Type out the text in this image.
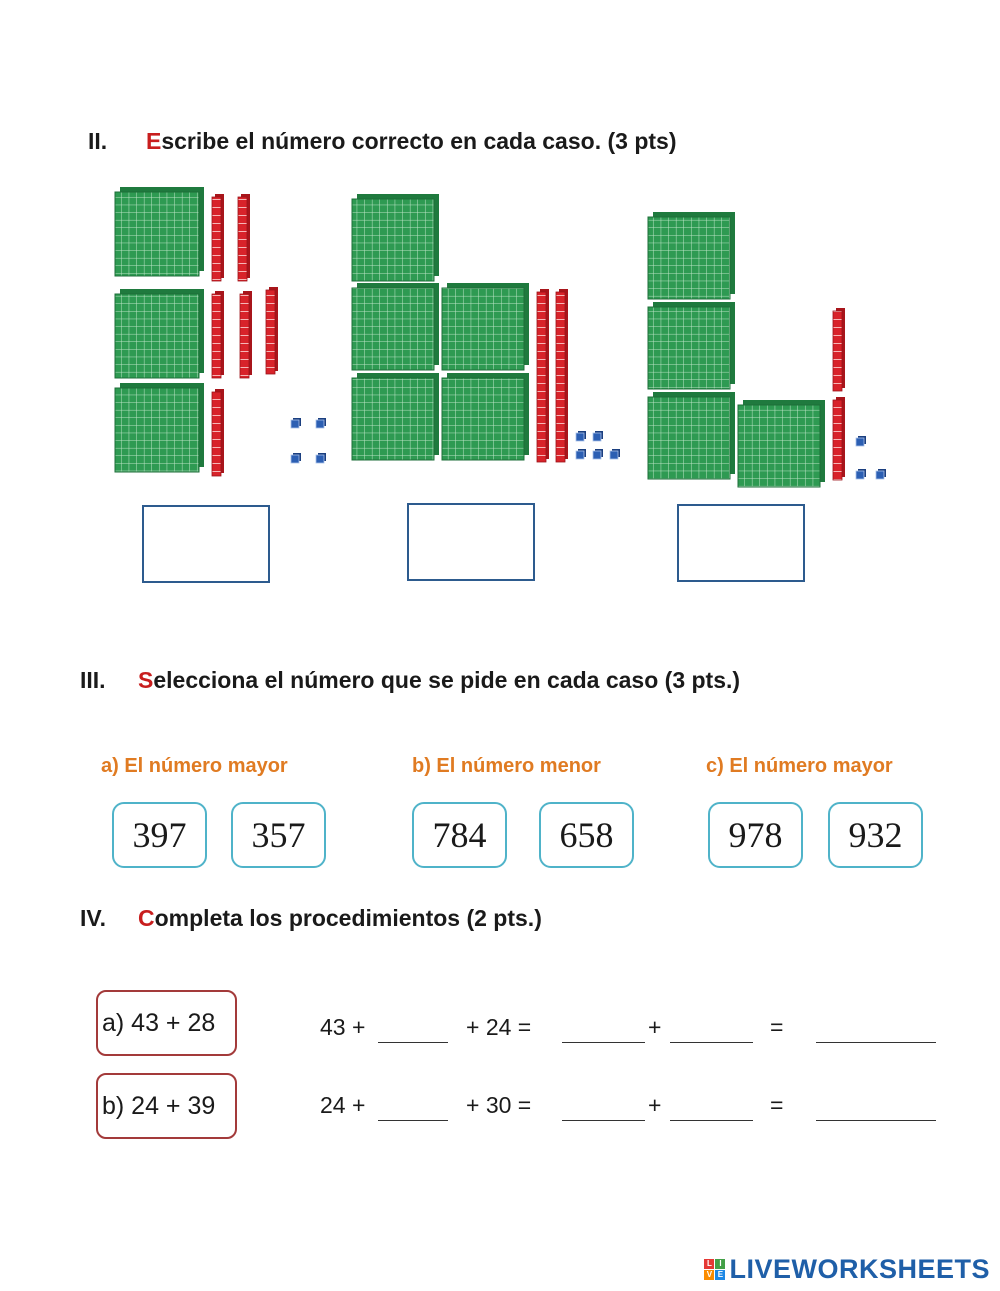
II. Escribe el número correcto en cada caso. (3 pts)
III. Selecciona el número que se pide en cada caso (3 pts.)
a) El número mayor	b) El número menor	c) El número mayor
397	357	784	658	978	932
IV. Completa los procedimientos (2 pts.)
a) 43 + 28	43 +	+ 24 =	+	=
b) 24 + 39	24 +	+ 30 =	+	=
L I
V E LIVEWORKSHEETS
